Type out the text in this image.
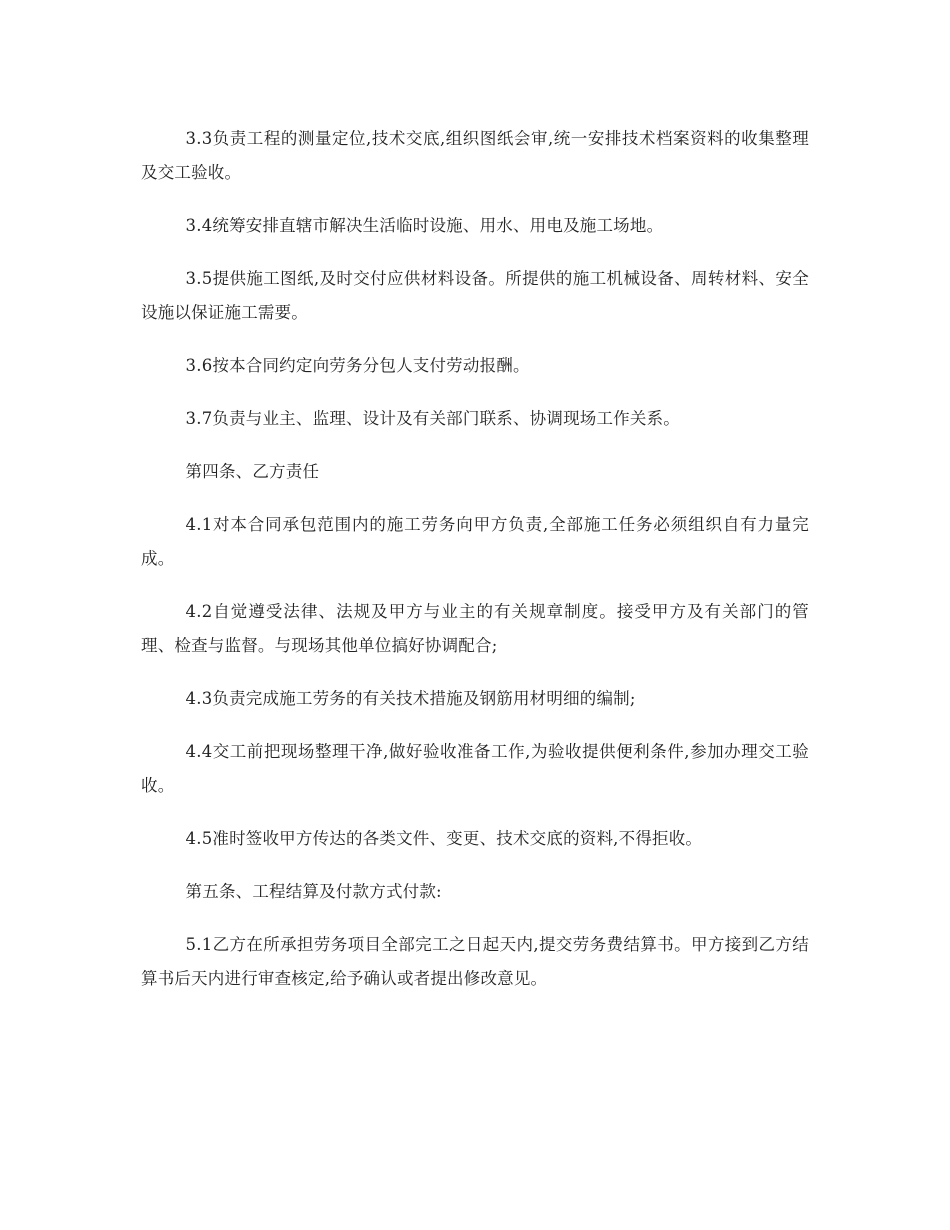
3.3负责工程的测量定位,技术交底,组织图纸会审,统一安排技术档案资料的收集整理及交工验收。

3.4统筹安排直辖市解决生活临时设施、用水、用电及施工场地。

3.5提供施工图纸,及时交付应供材料设备。所提供的施工机械设备、周转材料、安全设施以保证施工需要。

3.6按本合同约定向劳务分包人支付劳动报酬。

3.7负责与业主、监理、设计及有关部门联系、协调现场工作关系。

第四条、乙方责任

4.1对本合同承包范围内的施工劳务向甲方负责,全部施工任务必须组织自有力量完成。

4.2自觉遵受法律、法规及甲方与业主的有关规章制度。接受甲方及有关部门的管理、检查与监督。与现场其他单位搞好协调配合;

4.3负责完成施工劳务的有关技术措施及钢筋用材明细的编制;

4.4交工前把现场整理干净,做好验收准备工作,为验收提供便利条件,参加办理交工验收。

4.5准时签收甲方传达的各类文件、变更、技术交底的资料,不得拒收。

第五条、工程结算及付款方式付款:

5.1乙方在所承担劳务项目全部完工之日起天内,提交劳务费结算书。甲方接到乙方结算书后天内进行审查核定,给予确认或者提出修改意见。
